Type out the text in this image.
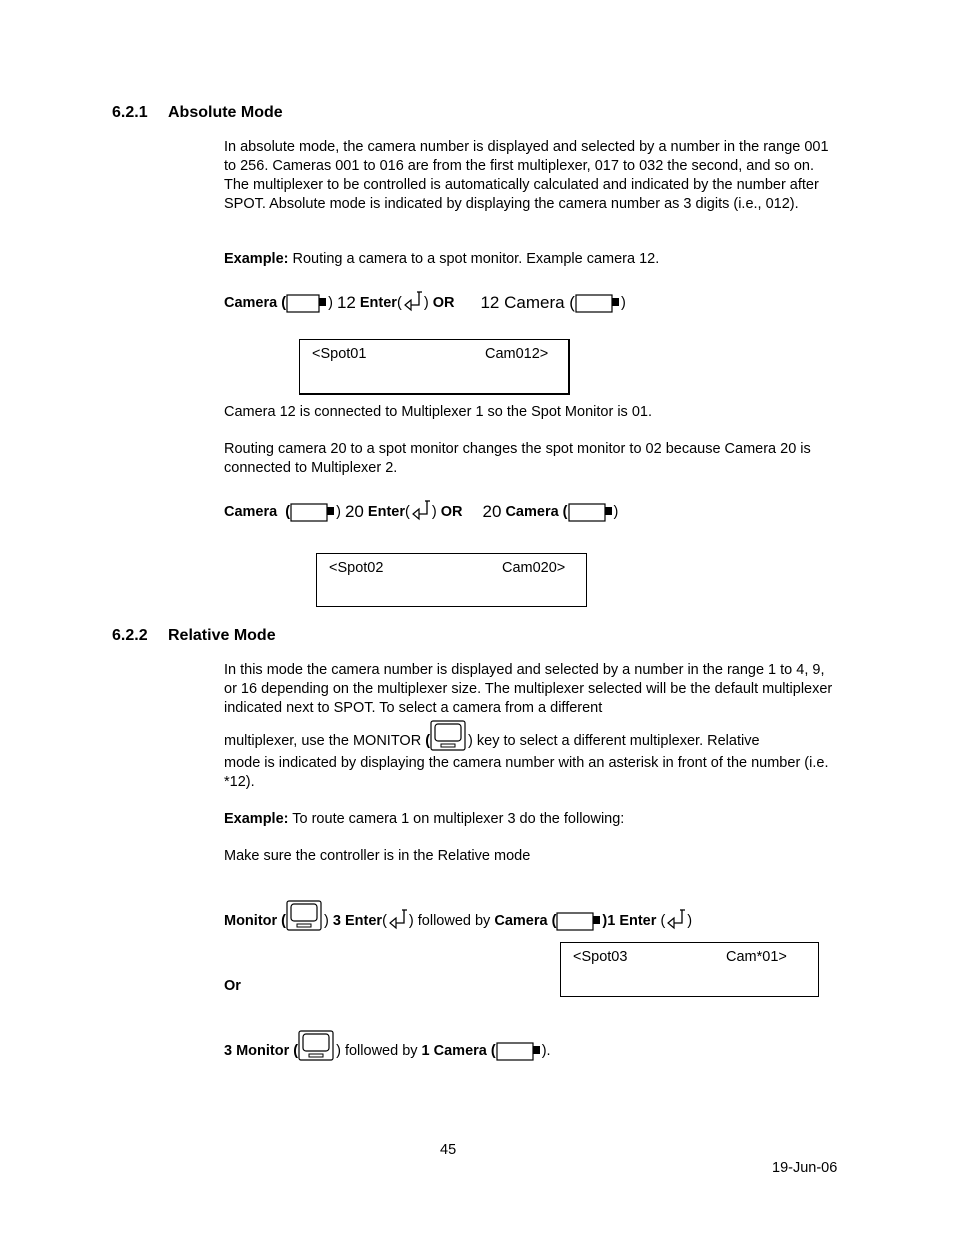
6.2.1 Absolute Mode
In absolute mode, the camera number is displayed and selected by a number in the range 001 to 256. Cameras 001 to 016 are from the first multiplexer, 017 to 032 the second, and so on. The multiplexer to be controlled is automatically calculated and indicated by the number after SPOT. Absolute mode is indicated by displaying the camera number as 3 digits (i.e., 012).
Example: Routing a camera to a spot monitor. Example camera 12.
Camera (	) 12 Enter( ) OR 12 Camera (	)
<Spot01	Cam012>
Camera 12 is connected to Multiplexer 1 so the Spot Monitor is 01.
Routing camera 20 to a spot monitor changes the spot monitor to 02 because Camera 20 is connected to Multiplexer 2.
Camera  (	) 20 Enter( ) OR 20 Camera (	)
<Spot02	Cam020>
6.2.2 Relative Mode
In this mode the camera number is displayed and selected by a number in the range 1 to 4, 9, or 16 depending on the multiplexer size. The multiplexer selected will be the default multiplexer indicated next to SPOT. To select a camera from a different
multiplexer, use the MONITOR (	) key to select a different multiplexer. Relative
mode is indicated by displaying the camera number with an asterisk in front of the number (i.e. *12).
Example: To route camera 1 on multiplexer 3 do the following:
Make sure the controller is in the Relative mode
Monitor (	) 3 Enter( ) followed by Camera (	)1 Enter ( )
<Spot03	Cam*01>
Or
3 Monitor (	) followed by 1 Camera (	).
45
19-Jun-06
